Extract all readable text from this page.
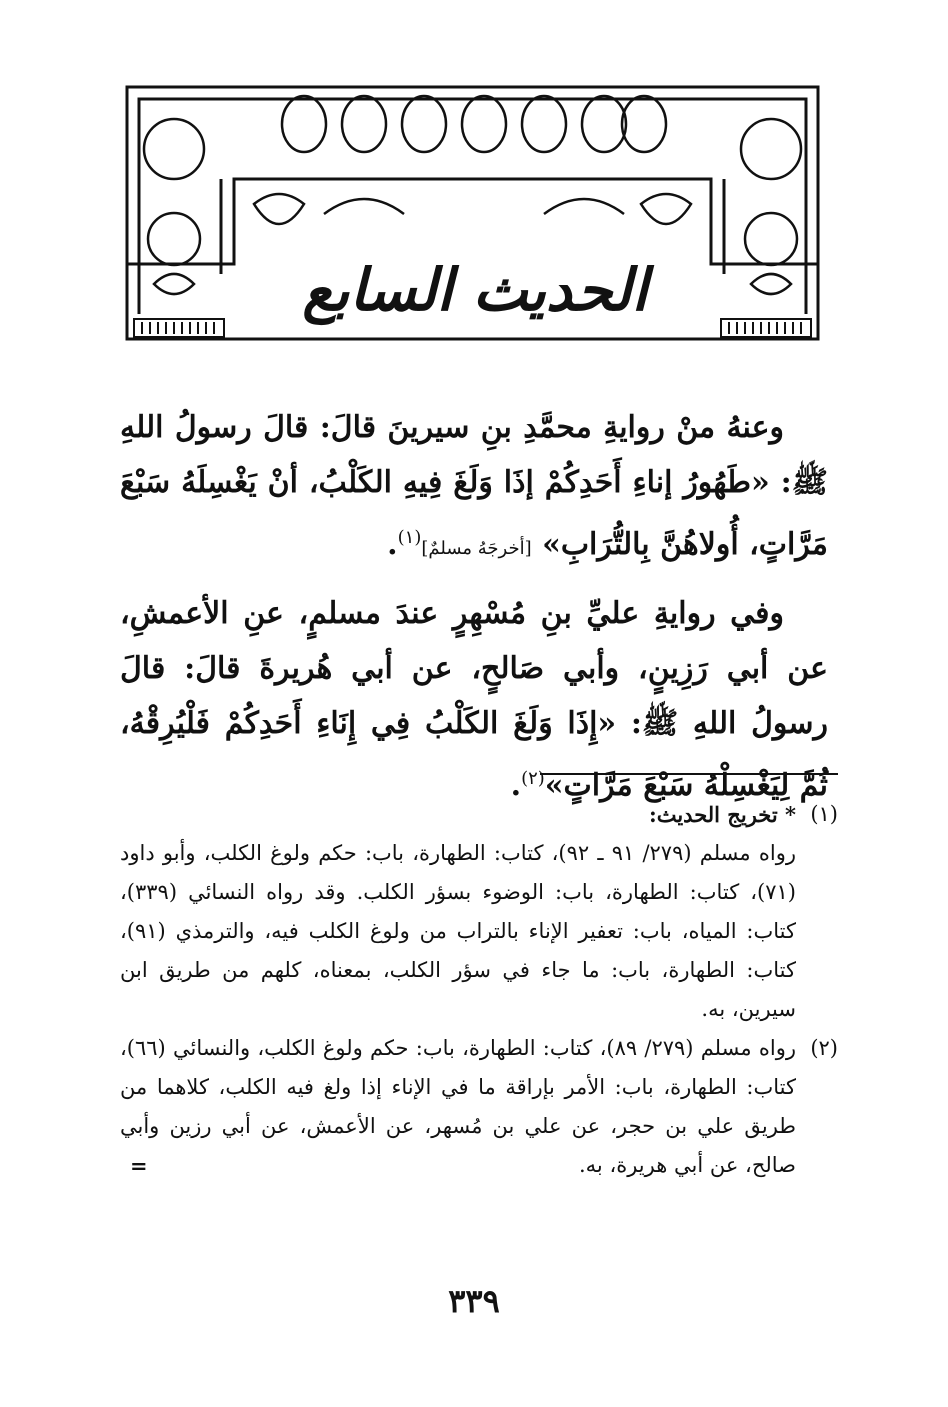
الحديث السابع

وعنهُ منْ روايةِ محمَّدِ بنِ سيرينَ قالَ: قالَ رسولُ اللهِ ﷺ: «طَهُورُ إناءِ أَحَدِكُمْ إذَا وَلَغَ فِيهِ الكَلْبُ، أنْ يَغْسِلَهُ سَبْعَ مَرَّاتٍ، أُولاهُنَّ بِالتُّرَابِ» [أخرجَهُ مسلمٌ]$^{(١)}$.

وفي روايةِ عليِّ بنِ مُسْهِرٍ عندَ مسلمٍ، عنِ الأعمشِ، عن أبي رَزِينٍ، وأبي صَالحٍ، عن أبي هُريرةَ قالَ: قالَ رسولُ اللهِ ﷺ: «إِذَا وَلَغَ الكَلْبُ فِي إِنَاءِ أَحَدِكُمْ فَلْيُرِقْهُ، ثُمَّ لِيَغْسِلْهُ سَبْعَ مَرَّاتٍ»$^{(٢)}$.

(١)
* تخريج الحديث:
رواه مسلم (٢٧٩/ ٩١ ـ ٩٢)، كتاب: الطهارة، باب: حكم ولوغ الكلب، وأبو داود (٧١)، كتاب: الطهارة، باب: الوضوء بسؤر الكلب. وقد رواه النسائي (٣٣٩)، كتاب: المياه، باب: تعفير الإناء بالتراب من ولوغ الكلب فيه، والترمذي (٩١)، كتاب: الطهارة، باب: ما جاء في سؤر الكلب، بمعناه، كلهم من طريق ابن سيرين، به.
(٢)
رواه مسلم (٢٧٩/ ٨٩)، كتاب: الطهارة، باب: حكم ولوغ الكلب، والنسائي (٦٦)، كتاب: الطهارة، باب: الأمر بإراقة ما في الإناء إذا ولغ فيه الكلب، كلاهما من طريق علي بن حجر، عن علي بن مُسهر، عن الأعمش، عن أبي رزين وأبي صالح، عن أبي هريرة، به.
=
٣٣٩
